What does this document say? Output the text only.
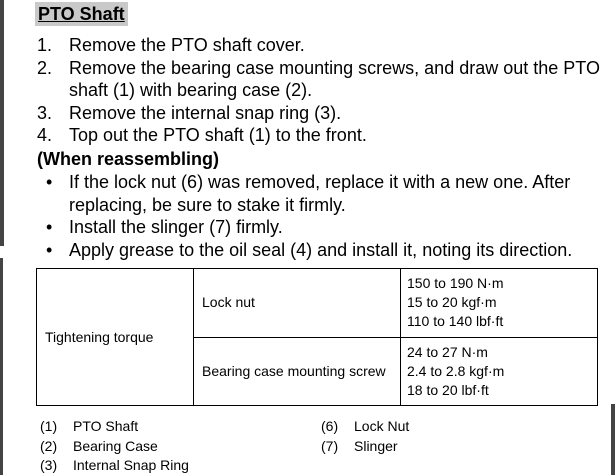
PTO Shaft
1. Remove the PTO shaft cover.
2. Remove the bearing case mounting screws, and draw out the PTO shaft (1) with bearing case (2).
3. Remove the internal snap ring (3).
4. Top out the PTO shaft (1) to the front.
(When reassembling)
• If the lock nut (6) was removed, replace it with a new one. After replacing, be sure to stake it firmly.
• Install the slinger (7) firmly.
• Apply grease to the oil seal (4) and install it, noting its direction.
Tightening torque	Lock nut	150 to 190 N·m
15 to 20 kgf·m
110 to 140 lbf·ft

	Bearing case mounting screw	24 to 27 N·m
2.4 to 2.8 kgf·m
18 to 20 lbf·ft
(1) PTO Shaft
(2) Bearing Case
(3) Internal Snap Ring
(6) Lock Nut
(7) Slinger
